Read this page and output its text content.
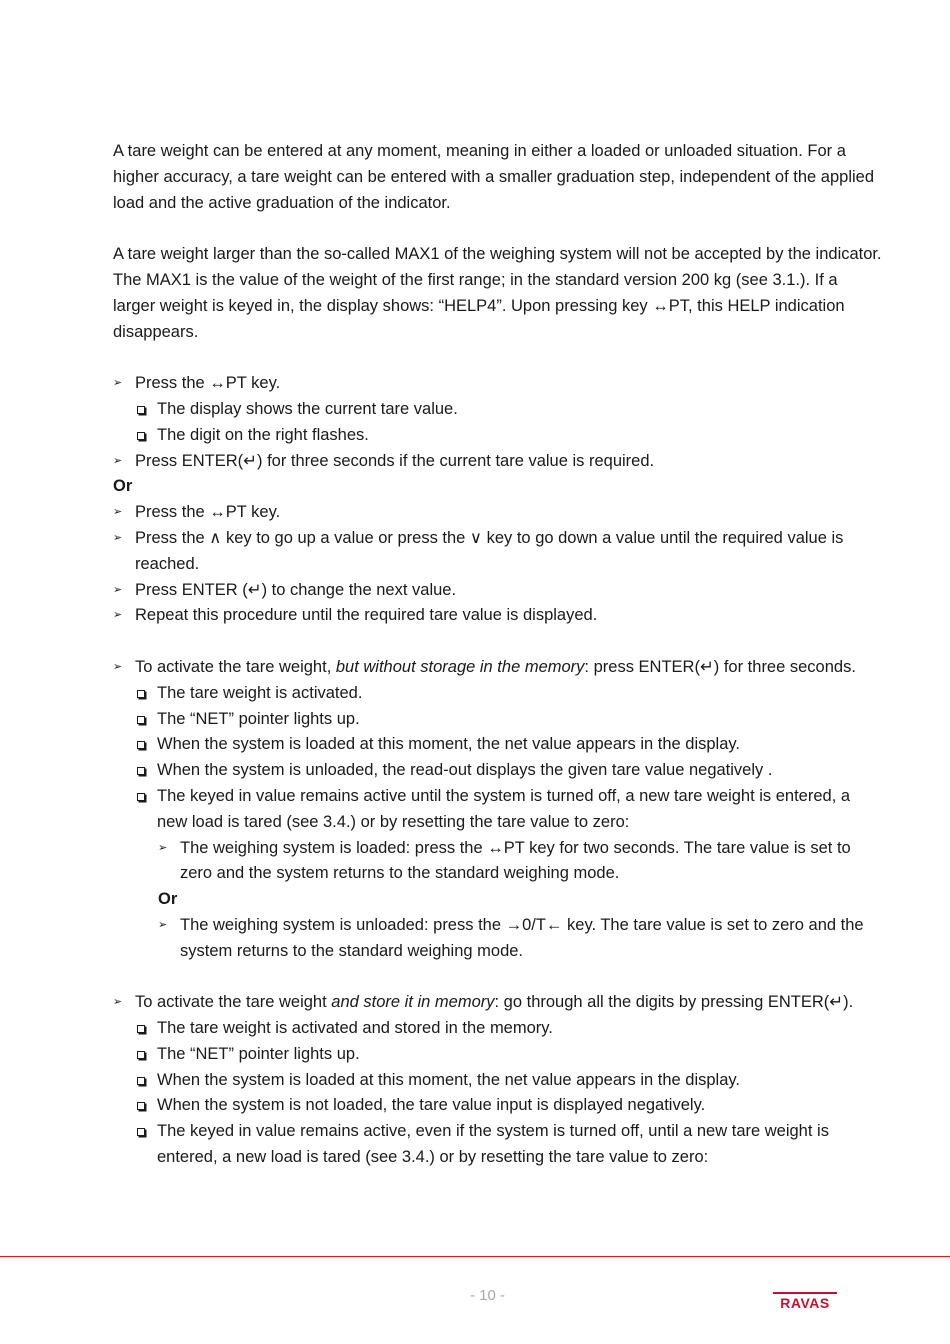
A tare weight can be entered at any moment, meaning in either a loaded or unloaded situation. For a higher accuracy, a tare weight can be entered with a smaller graduation step, independent of the applied load and the active graduation of the indicator.

A tare weight larger than the so-called MAX1 of the weighing system will not be accepted by the indicator. The MAX1 is the value of the weight of the first range; in the standard version 200 kg (see 3.1.). If a larger weight is keyed in, the display shows: “HELP4”. Upon pressing key ↔PT, this HELP indication disappears.

➢ Press the ↔PT key.
The display shows the current tare value.
The digit on the right flashes.
➢ Press ENTER(↵) for three seconds if the current tare value is required.

Or

➢ Press the ↔PT key.
➢ Press the ∧ key to go up a value or press the ∨ key to go down a value until the required value is reached.
➢ Press ENTER (↵) to change the next value.
➢ Repeat this procedure until the required tare value is displayed.
➢ To activate the tare weight, but without storage in the memory: press ENTER(↵) for three seconds.
The tare weight is activated.
The “NET” pointer lights up.
When the system is loaded at this moment, the net value appears in the display.
When the system is unloaded, the read-out displays the given tare value negatively .
The keyed in value remains active until the system is turned off, a new tare weight is entered, a new load is tared (see 3.4.) or by resetting the tare value to zero:
➢ The weighing system is loaded: press the ↔PT key for two seconds. The tare value is set to zero and the system returns to the standard weighing mode.

Or

➢ The weighing system is unloaded: press the →0/T← key. The tare value is set to zero and the system returns to the standard weighing mode.
➢ To activate the tare weight and store it in memory: go through all the digits by pressing ENTER(↵).
The tare weight is activated and stored in the memory.
The “NET” pointer lights up.
When the system is loaded at this moment, the net value appears in the display.
When the system is not loaded, the tare value input is displayed negatively.
The keyed in value remains active, even if the system is turned off, until a new tare weight is entered, a new load is tared (see 3.4.) or by resetting the tare value to zero:
- 10 -	RAVAS
